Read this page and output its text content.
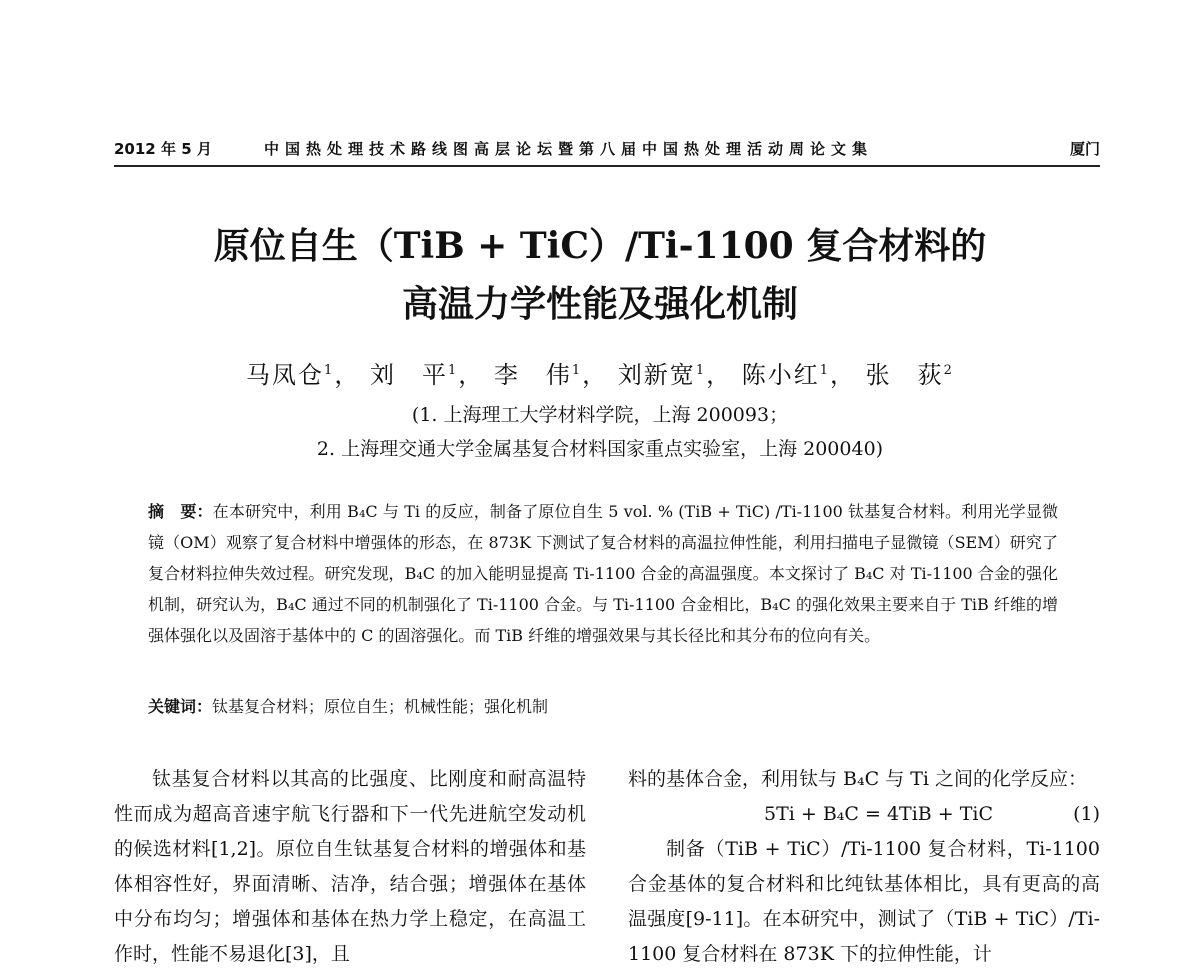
2012 年 5 月	中国热处理技术路线图高层论坛暨第八届中国热处理活动周论文集	厦门
原位自生（TiB + TiC）/Ti-1100 复合材料的
高温力学性能及强化机制
马凤仓$^1$， 刘　平$^1$， 李　伟$^1$， 刘新宽$^1$， 陈小红$^1$， 张　荻$^2$
(1. 上海理工大学材料学院，上海 200093；
2. 上海理交通大学金属基复合材料国家重点实验室，上海 200040)
摘　要：在本研究中，利用 B₄C 与 Ti 的反应，制备了原位自生 5 vol. % (TiB + TiC) /Ti-1100 钛基复合材料。利用光学显微镜（OM）观察了复合材料中增强体的形态，在 873K 下测试了复合材料的高温拉伸性能，利用扫描电子显微镜（SEM）研究了复合材料拉伸失效过程。研究发现，B₄C 的加入能明显提高 Ti-1100 合金的高温强度。本文探讨了 B₄C 对 Ti-1100 合金的强化机制，研究认为，B₄C 通过不同的机制强化了 Ti-1100 合金。与 Ti-1100 合金相比，B₄C 的强化效果主要来自于 TiB 纤维的增强体强化以及固溶于基体中的 C 的固溶强化。而 TiB 纤维的增强效果与其长径比和其分布的位向有关。
关键词：钛基复合材料；原位自生；机械性能；强化机制

钛基复合材料以其高的比强度、比刚度和耐高温特性而成为超高音速宇航飞行器和下一代先进航空发动机的候选材料[1,2]。原位自生钛基复合材料的增强体和基体相容性好，界面清晰、洁净，结合强；增强体在基体中分布均匀；增强体和基体在热力学上稳定，在高温工作时，性能不易退化[3]，且

料的基体合金，利用钛与 B₄C 与 Ti 之间的化学反应：

5Ti + B₄C = 4TiB + TiC	(1)

制备（TiB + TiC）/Ti-1100 复合材料，Ti-1100 合金基体的复合材料和比纯钛基体相比，具有更高的高温强度[9-11]。在本研究中，测试了（TiB + TiC）/Ti-1100 复合材料在 873K 下的拉伸性能，计
